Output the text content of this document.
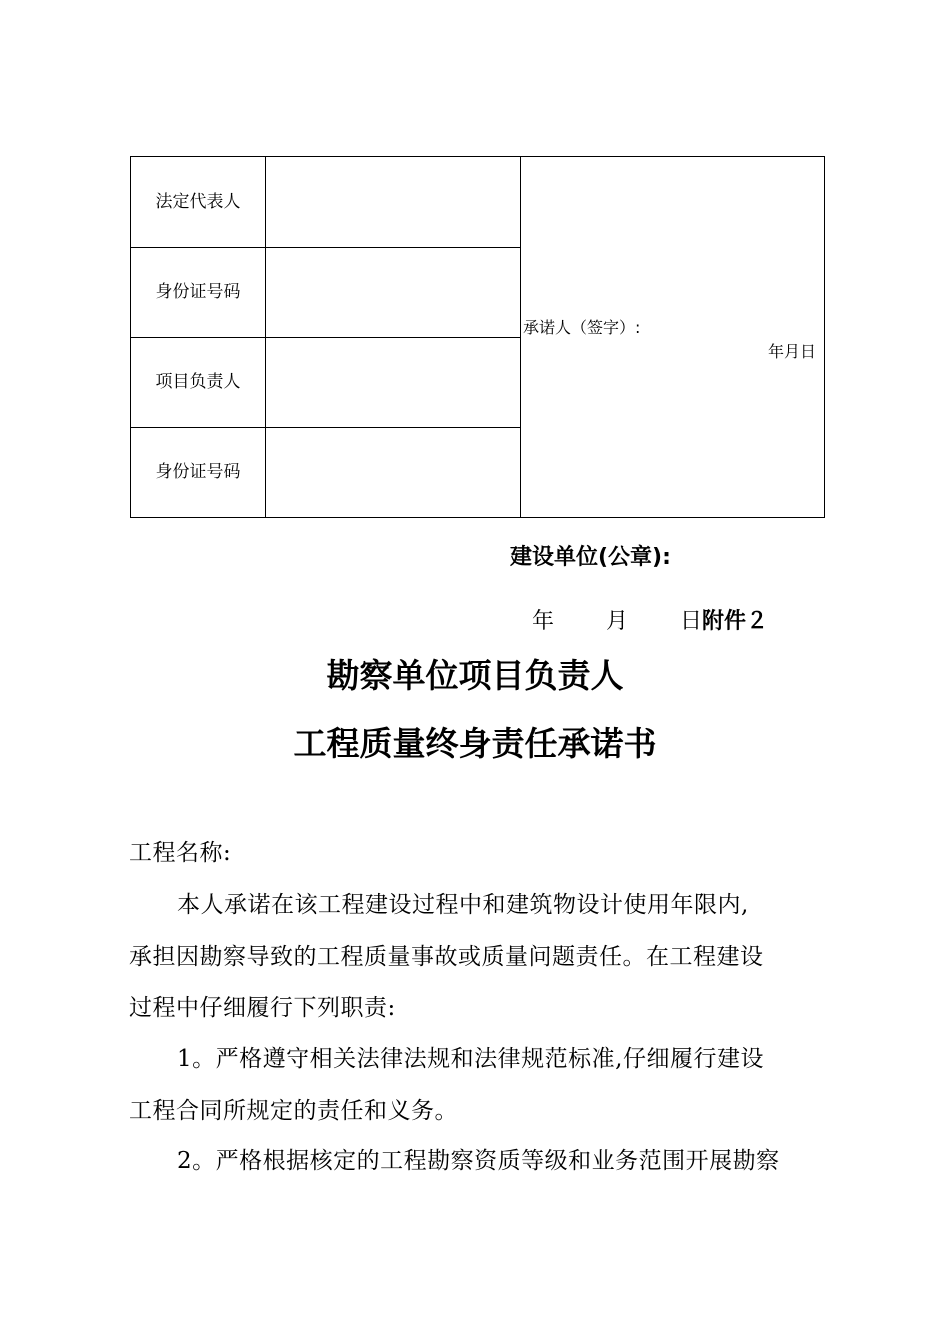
法定代表人
身份证号码
项目负责人
身份证号码
承诺人（签字）:
年月日
建设单位(公章):
年 月 日附件２
勘察单位项目负责人
工程质量终身责任承诺书
工程名称:
本人承诺在该工程建设过程中和建筑物设计使用年限内,
承担因勘察导致的工程质量事故或质量问题责任。在工程建设
过程中仔细履行下列职责:
1。严格遵守相关法律法规和法律规范标准,仔细履行建设
工程合同所规定的责任和义务。
2。严格根据核定的工程勘察资质等级和业务范围开展勘察
